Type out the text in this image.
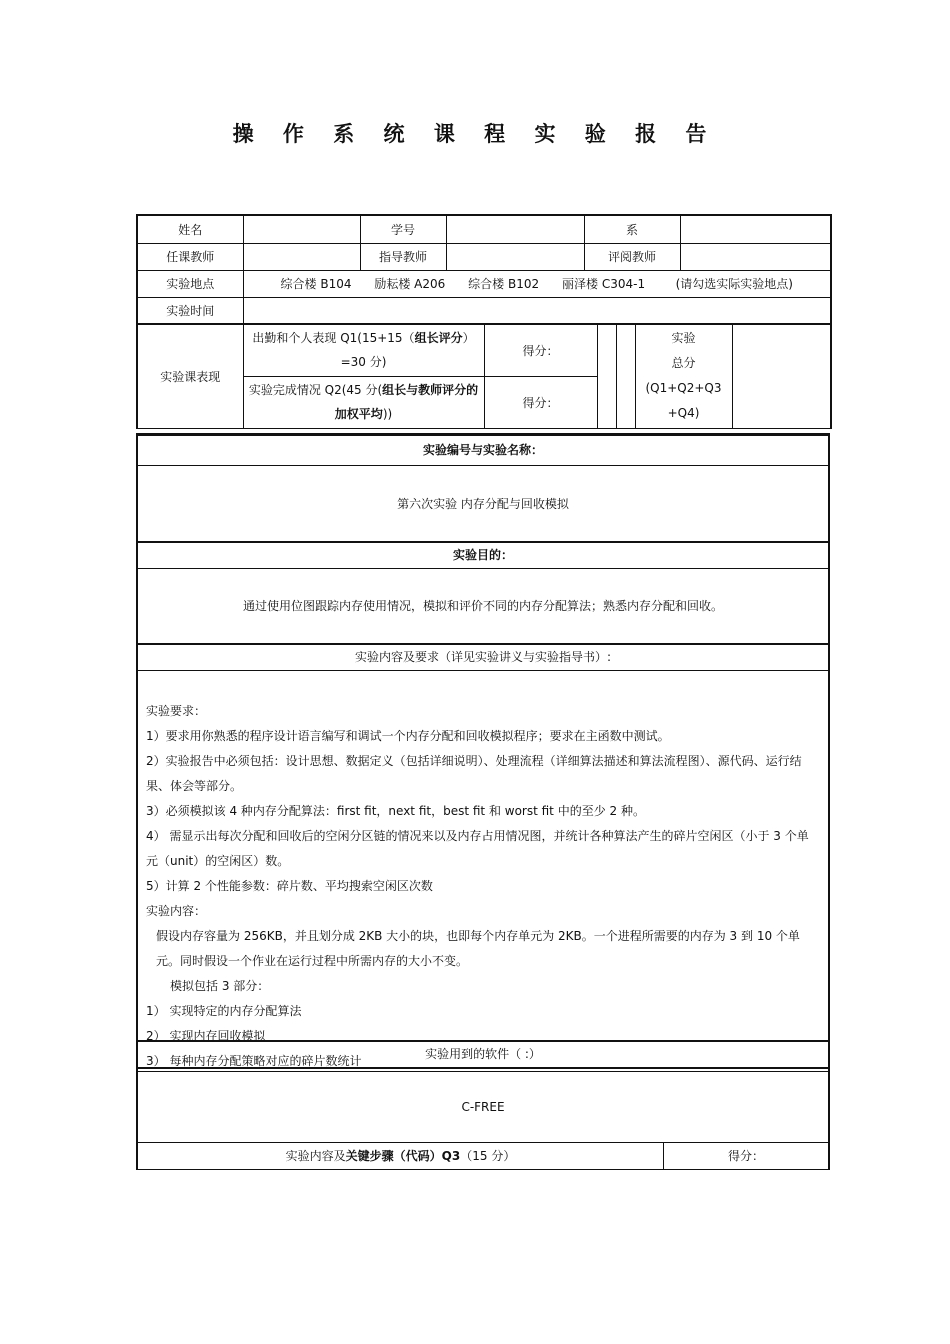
操 作 系 统 课 程 实 验 报 告
姓名		学号		系	
任课教师		指导教师		评阅教师	
实验地点	综合楼 B104      励耘楼 A206      综合楼 B102      丽泽楼 C304-1        (请勾选实际实验地点)				
实验时间					
实验课表现	出勤和个人表现 Q1(15+15（组长评分）=30 分)	得分：			实验
总分
(Q1+Q2+Q3
+Q4)	

	实验完成情况 Q2(45 分(组长与教师评分的加权平均))	得分：				
实验编号与实验名称：
第六次实验 内存分配与回收模拟
实验目的：
通过使用位图跟踪内存使用情况，模拟和评价不同的内存分配算法；熟悉内存分配和回收。
实验内容及要求（详见实验讲义与实验指导书）:

实验要求：

1）要求用你熟悉的程序设计语言编写和调试一个内存分配和回收模拟程序；要求在主函数中测试。

2）实验报告中必须包括：设计思想、数据定义（包括详细说明）、处理流程（详细算法描述和算法流程图）、源代码、运行结果、体会等部分。

3）必须模拟该 4 种内存分配算法：first fit，next fit，best fit 和 worst fit 中的至少 2 种。

4） 需显示出每次分配和回收后的空闲分区链的情况来以及内存占用情况图，并统计各种算法产生的碎片空闲区（小于 3 个单元（unit）的空闲区）数。

5）计算 2 个性能参数：碎片数、平均搜索空闲区次数

实验内容：

假设内存容量为 256KB，并且划分成 2KB 大小的块，也即每个内存单元为 2KB。一个进程所需要的内存为 3 到 10 个单元。同时假设一个作业在运行过程中所需内存的大小不变。

模拟包括 3 部分：

1） 实现特定的内存分配算法

2） 实现内存回收模拟

3） 每种内存分配策略对应的碎片数统计	实验用到的软件（ :）
C-FREE
实验内容及 关键步骤（代码）Q3 （15 分）	得分：
